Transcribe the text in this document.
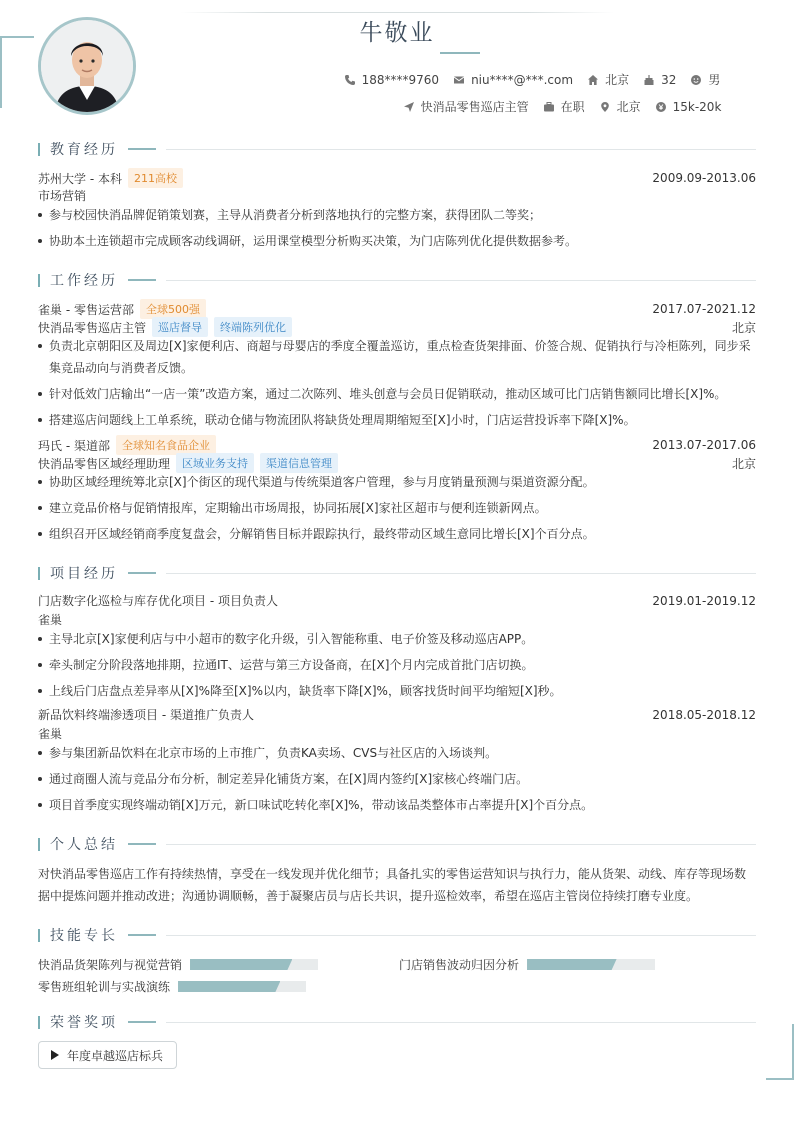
牛敬业
188****9760	niu****@***.com	北京	32	男
快消品零售巡店主管	在职	北京	15k-20k
教育经历
苏州大学 - 本科	211高校	2009.09-2013.06
市场营销
参与校园快消品牌促销策划赛，主导从消费者分析到落地执行的完整方案，获得团队二等奖；
协助本土连锁超市完成顾客动线调研，运用课堂模型分析购买决策，为门店陈列优化提供数据参考。
工作经历
雀巢 - 零售运营部	全球500强	2017.07-2021.12
快消品零售巡店主管	巡店督导	终端陈列优化	北京
负责北京朝阳区及周边[X]家便利店、商超与母婴店的季度全覆盖巡访，重点检查货架排面、价签合规、促销执行与冷柜陈列，同步采
集竞品动向与消费者反馈。
针对低效门店输出“一店一策”改造方案，通过二次陈列、堆头创意与会员日促销联动，推动区域可比门店销售额同比增长[X]%。
搭建巡店问题线上工单系统，联动仓储与物流团队将缺货处理周期缩短至[X]小时，门店运营投诉率下降[X]%。
玛氏 - 渠道部	全球知名食品企业	2013.07-2017.06
快消品零售区域经理助理	区域业务支持	渠道信息管理	北京
协助区域经理统筹北京[X]个街区的现代渠道与传统渠道客户管理，参与月度销量预测与渠道资源分配。
建立竞品价格与促销情报库，定期输出市场周报，协同拓展[X]家社区超市与便利连锁新网点。
组织召开区域经销商季度复盘会，分解销售目标并跟踪执行，最终带动区域生意同比增长[X]个百分点。
项目经历
门店数字化巡检与库存优化项目 - 项目负责人	2019.01-2019.12
雀巢
主导北京[X]家便利店与中小超市的数字化升级，引入智能称重、电子价签及移动巡店APP。
牵头制定分阶段落地排期，拉通IT、运营与第三方设备商，在[X]个月内完成首批门店切换。
上线后门店盘点差异率从[X]%降至[X]%以内，缺货率下降[X]%，顾客找货时间平均缩短[X]秒。
新品饮料终端渗透项目 - 渠道推广负责人	2018.05-2018.12
雀巢
参与集团新品饮料在北京市场的上市推广，负责KA卖场、CVS与社区店的入场谈判。
通过商圈人流与竞品分布分析，制定差异化铺货方案，在[X]周内签约[X]家核心终端门店。
项目首季度实现终端动销[X]万元，新口味试吃转化率[X]%，带动该品类整体市占率提升[X]个百分点。
个人总结
对快消品零售巡店工作有持续热情，享受在一线发现并优化细节；具备扎实的零售运营知识与执行力，能从货架、动线、库存等现场数据中提炼问题并推动改进；沟通协调顺畅，善于凝聚店员与店长共识，提升巡检效率，希望在巡店主管岗位持续打磨专业度。
技能专长
快消品货架陈列与视觉营销	门店销售波动归因分析
零售班组轮训与实战演练
荣誉奖项
年度卓越巡店标兵
